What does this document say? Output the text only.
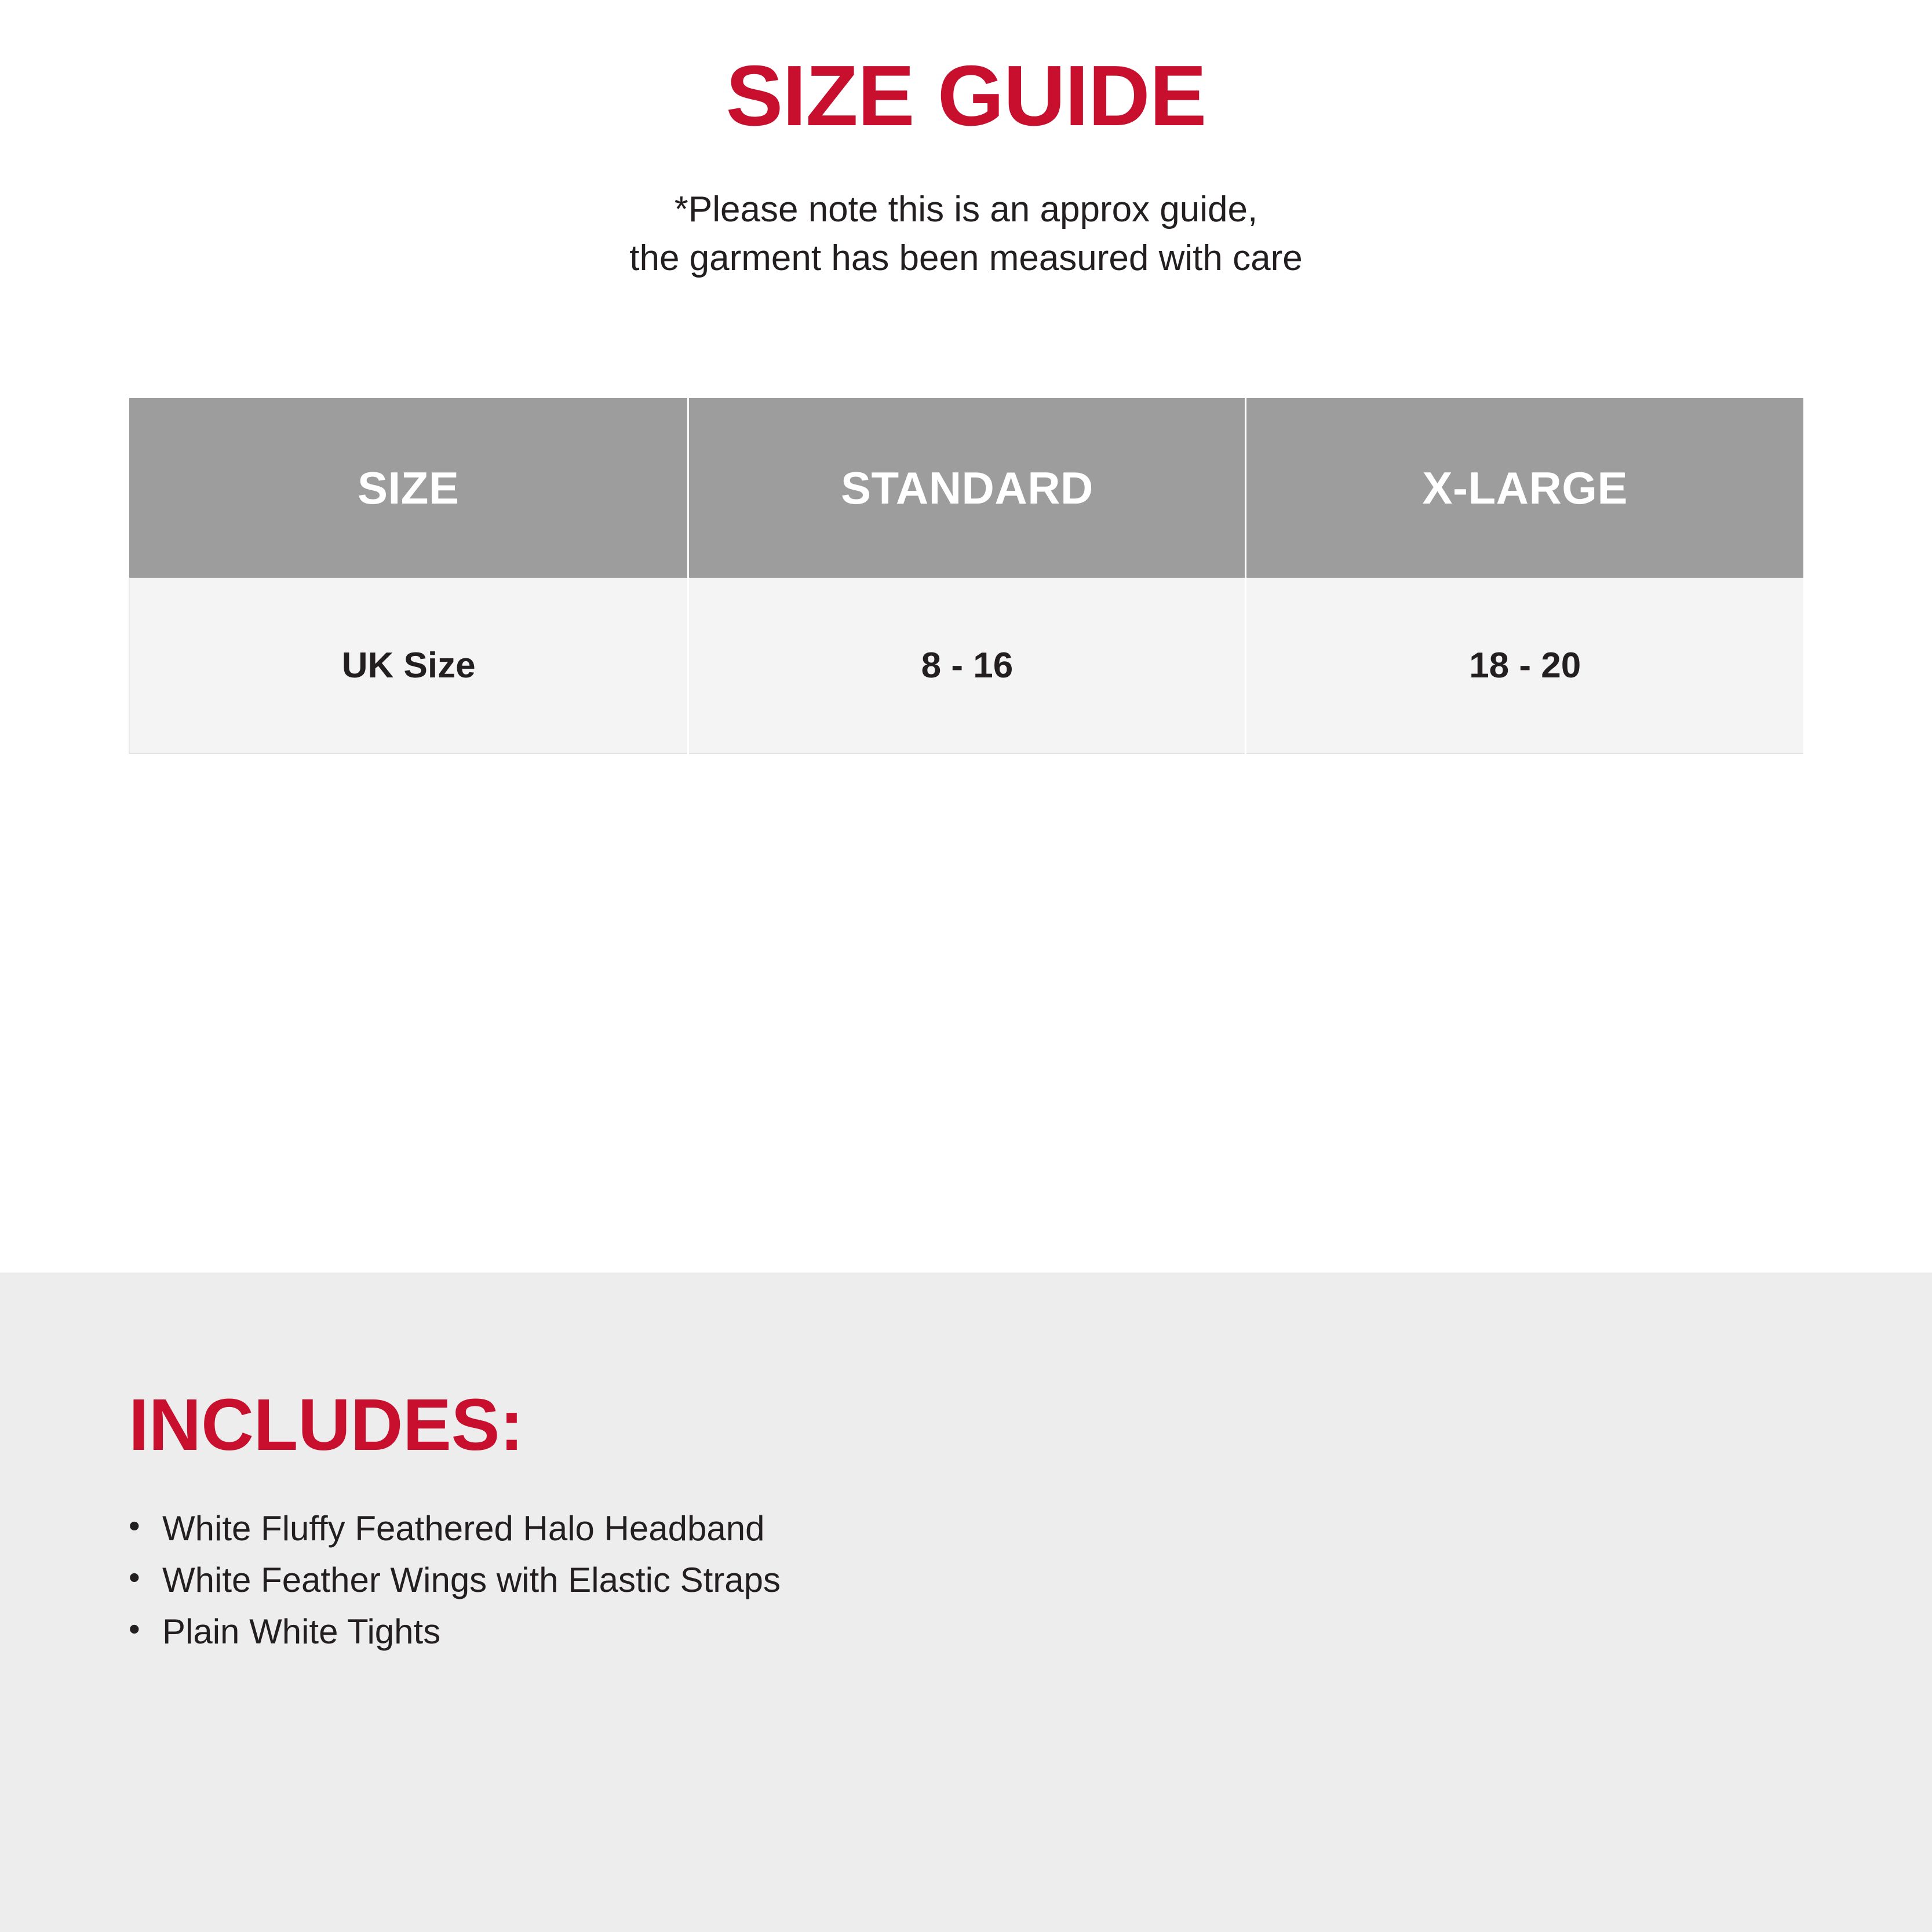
SIZE GUIDE
*Please note this is an approx guide,
the garment has been measured with care
SIZE	STANDARD	X-LARGE
UK Size	8 - 16	18 - 20
INCLUDES:
• White Fluffy Feathered Halo Headband
• White Feather Wings with Elastic Straps
• Plain White Tights
